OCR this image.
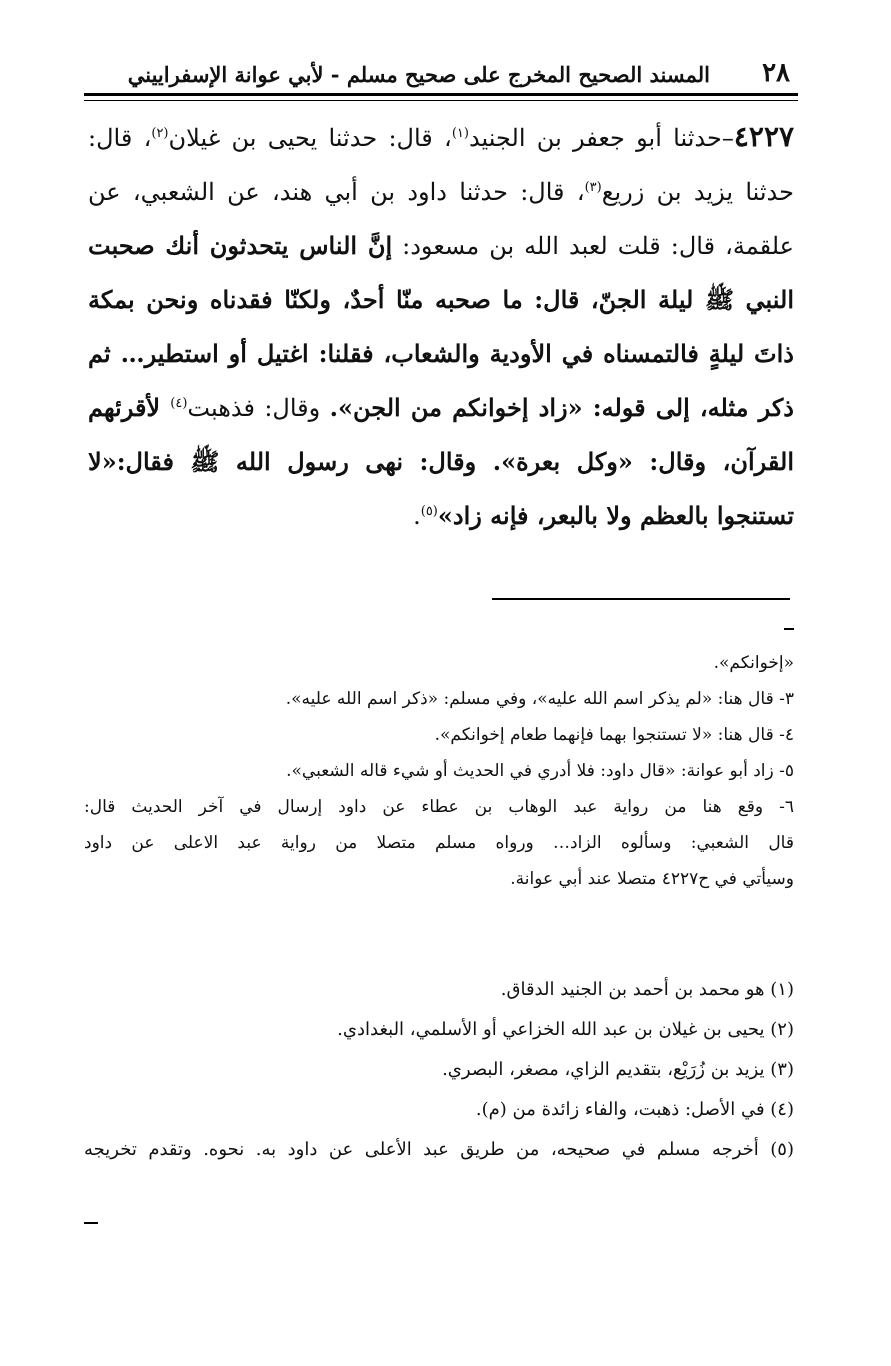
٢٨
المسند الصحيح المخرج على صحيح مسلم - لأبي عوانة الإسفراييني

٤٢٢٧–حدثنا أبو جعفر بن الجنيد$^{(١)}$، قال: حدثنا يحيى بن غيلان$^{(٢)}$، قال: حدثنا يزيد بن زريع$^{(٣)}$، قال: حدثنا داود بن أبي هند، عن الشعبي، عن علقمة، قال: قلت لعبد الله بن مسعود: إنَّ الناس يتحدثون أنك صحبت النبي ﷺ ليلة الجنّ، قال: ما صحبه منّا أحدٌ، ولكنّا فقدناه ونحن بمكة ذاتَ ليلةٍ فالتمسناه في الأودية والشعاب، فقلنا: اغتيل أو استطير… ثم ذكر مثله، إلى قوله: «زاد إخوانكم من الجن». وقال: فذهبت$^{(٤)}$ لأقرئهم القرآن، وقال: «وكل بعرة». وقال: نهى رسول الله ﷺ فقال:«لا تستنجوا بالعظم ولا بالبعر، فإنه زاد»$^{(٥)}$.

«إخوانكم».

٣- قال هنا: «لم يذكر اسم الله عليه»، وفي مسلم: «ذكر اسم الله عليه».

٤- قال هنا: «لا تستنجوا بهما فإنهما طعام إخوانكم».

٥- زاد أبو عوانة: «قال داود: فلا أدري في الحديث أو شيء قاله الشعبي».

٦- وقع هنا من رواية عبد الوهاب بن عطاء عن داود إرسال في آخر الحديث قال:

قال الشعبي: وسألوه الزاد… ورواه مسلم متصلا من رواية عبد الاعلى عن داود

وسيأتي في ح٤٢٢٧ متصلا عند أبي عوانة.

(١) هو محمد بن أحمد بن الجنيد الدقاق.

(٢) يحيى بن غيلان بن عبد الله الخزاعي أو الأسلمي، البغدادي.

(٣) يزيد بن زُرَيْع، بتقديم الزاي، مصغر، البصري.

(٤) في الأصل: ذهبت، والفاء زائدة من (م).

(٥) أخرجه مسلم في صحيحه، من طريق عبد الأعلى عن داود به. نحوه. وتقدم تخريجه
